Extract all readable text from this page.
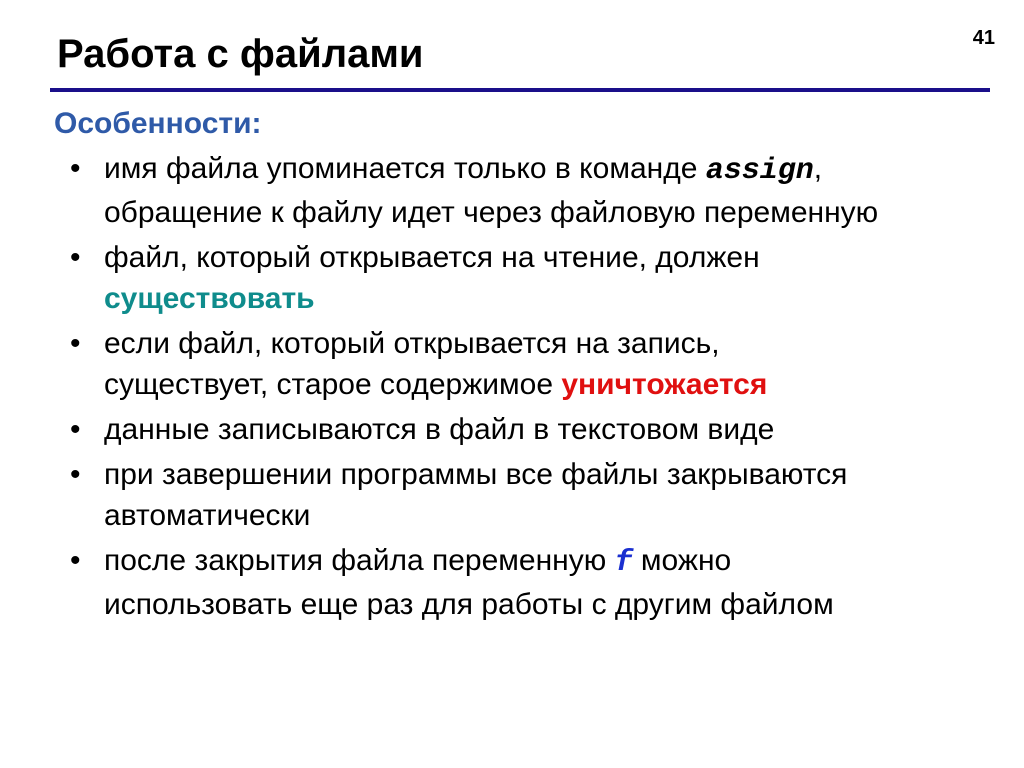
Работа с файлами	41
Особенности:
• имя файла упоминается только в команде assign,
обращение к файлу идет через файловую переменную
• файл, который открывается на чтение, должен
существовать
• если файл, который открывается на запись,
существует, старое содержимое уничтожается
• данные записываются в файл в текстовом виде
• при завершении программы все файлы закрываются
автоматически
• после закрытия файла переменную f можно
использовать еще раз для работы с другим файлом
